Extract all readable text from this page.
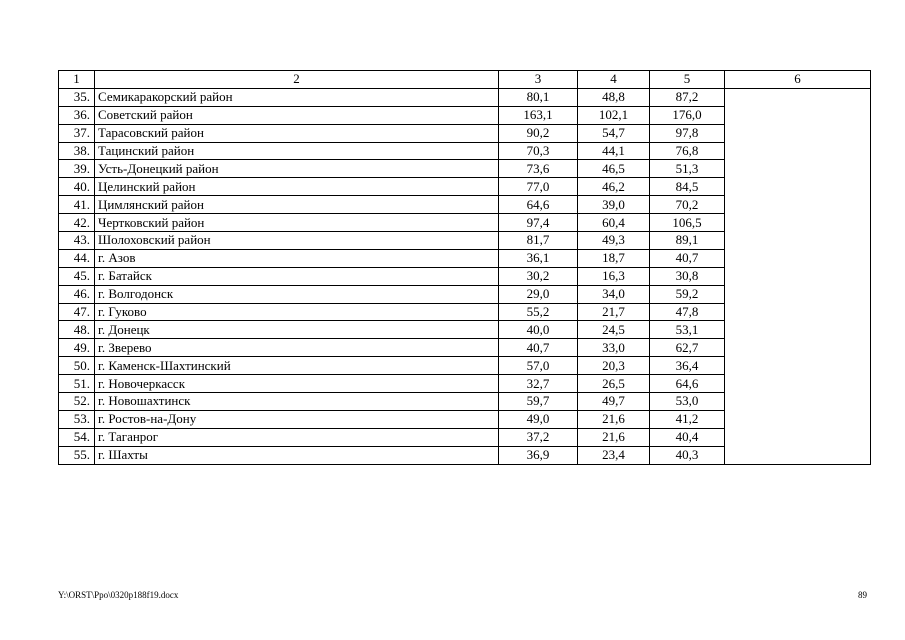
1	2	3	4	5	6
35.	Семикаракорский район	80,1	48,8	87,2	
36.	Советский район	163,1	102,1	176,0	
37.	Тарасовский район	90,2	54,7	97,8	
38.	Тацинский район	70,3	44,1	76,8	
39.	Усть-Донецкий район	73,6	46,5	51,3	
40.	Целинский район	77,0	46,2	84,5	
41.	Цимлянский район	64,6	39,0	70,2	
42.	Чертковский район	97,4	60,4	106,5	
43.	Шолоховский район	81,7	49,3	89,1	
44.	г. Азов	36,1	18,7	40,7	
45.	г. Батайск	30,2	16,3	30,8	
46.	г. Волгодонск	29,0	34,0	59,2	
47.	г. Гуково	55,2	21,7	47,8	
48.	г. Донецк	40,0	24,5	53,1	
49.	г. Зверево	40,7	33,0	62,7	
50.	г. Каменск-Шахтинский	57,0	20,3	36,4	
51.	г. Новочеркасск	32,7	26,5	64,6	
52.	г. Новошахтинск	59,7	49,7	53,0	
53.	г. Ростов-на-Дону	49,0	21,6	41,2	
54.	г. Таганрог	37,2	21,6	40,4	
55.	г. Шахты	36,9	23,4	40,3	
Y:\ORST\Ppo\0320p188f19.docx	89
